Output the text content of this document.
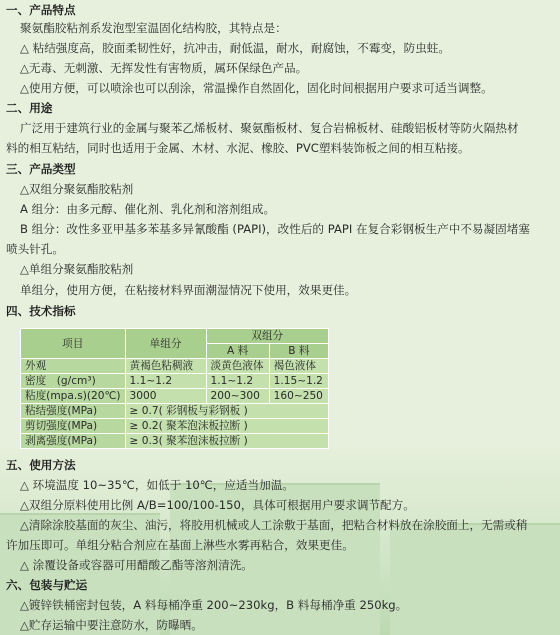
一、产品特点
聚氨酯胶粘剂系发泡型室温固化结构胶，其特点是：
△ 粘结强度高，胶面柔韧性好，抗冲击，耐低温，耐水，耐腐蚀，不霉变，防虫蛀。
△无毒、无刺激、无挥发性有害物质，属环保绿色产品。
△使用方便，可以喷涂也可以刮涂，常温操作自然固化，固化时间根据用户要求可适当调整。
二、用途
广泛用于建筑行业的金属与聚苯乙烯板材、聚氨酯板材、复合岩棉板材、硅酸铝板材等防火隔热材
料的相互粘结，同时也适用于金属、木材、水泥、橡胶、PVC塑料装饰板之间的相互粘接。
三、产品类型
△双组分聚氨酯胶粘剂
A 组分：由多元醇、催化剂、乳化剂和溶剂组成。
B 组分：改性多亚甲基多苯基多异氰酸酯 (PAPI)，改性后的 PAPI 在复合彩钢板生产中不易凝固堵塞
喷头针孔。
△单组分聚氨酯胶粘剂
单组分，使用方便，在粘接材料界面潮湿情况下使用，效果更佳。
四、技术指标
项目	单组分	双组分	
		A 料	B 料
外观	黄褐色粘稠液	淡黄色液体	褐色液体
密度　(g/cm³)	1.1~1.2	1.1~1.2	1.15~1.2
粘度(mpa.s)(20℃)	3000	200~300	160~250
粘结强度(MPa)	≥ 0.7( 彩钢板与彩钢板 )		
剪切强度(MPa)	≥ 0.2( 聚苯泡沫板拉断 )		
剥离强度(MPa)	≥ 0.3( 聚苯泡沫板拉断 )		
五、使用方法
△ 环境温度 10~35℃，如低于 10℃，应适当加温。
△双组分原料使用比例 A/B=100/100-150，具体可根据用户要求调节配方。
△清除涂胶基面的灰尘、油污，将胶用机械或人工涂敷于基面，把粘合材料放在涂胶面上，无需或稍
许加压即可。单组分粘合剂应在基面上淋些水雾再粘合，效果更佳。
△ 涂覆设备或容器可用醋酸乙酯等溶剂清洗。
六、包装与贮运
△镀锌铁桶密封包装，A 料每桶净重 200~230kg，B 料每桶净重 250kg。
△贮存运输中要注意防水，防曝晒。
